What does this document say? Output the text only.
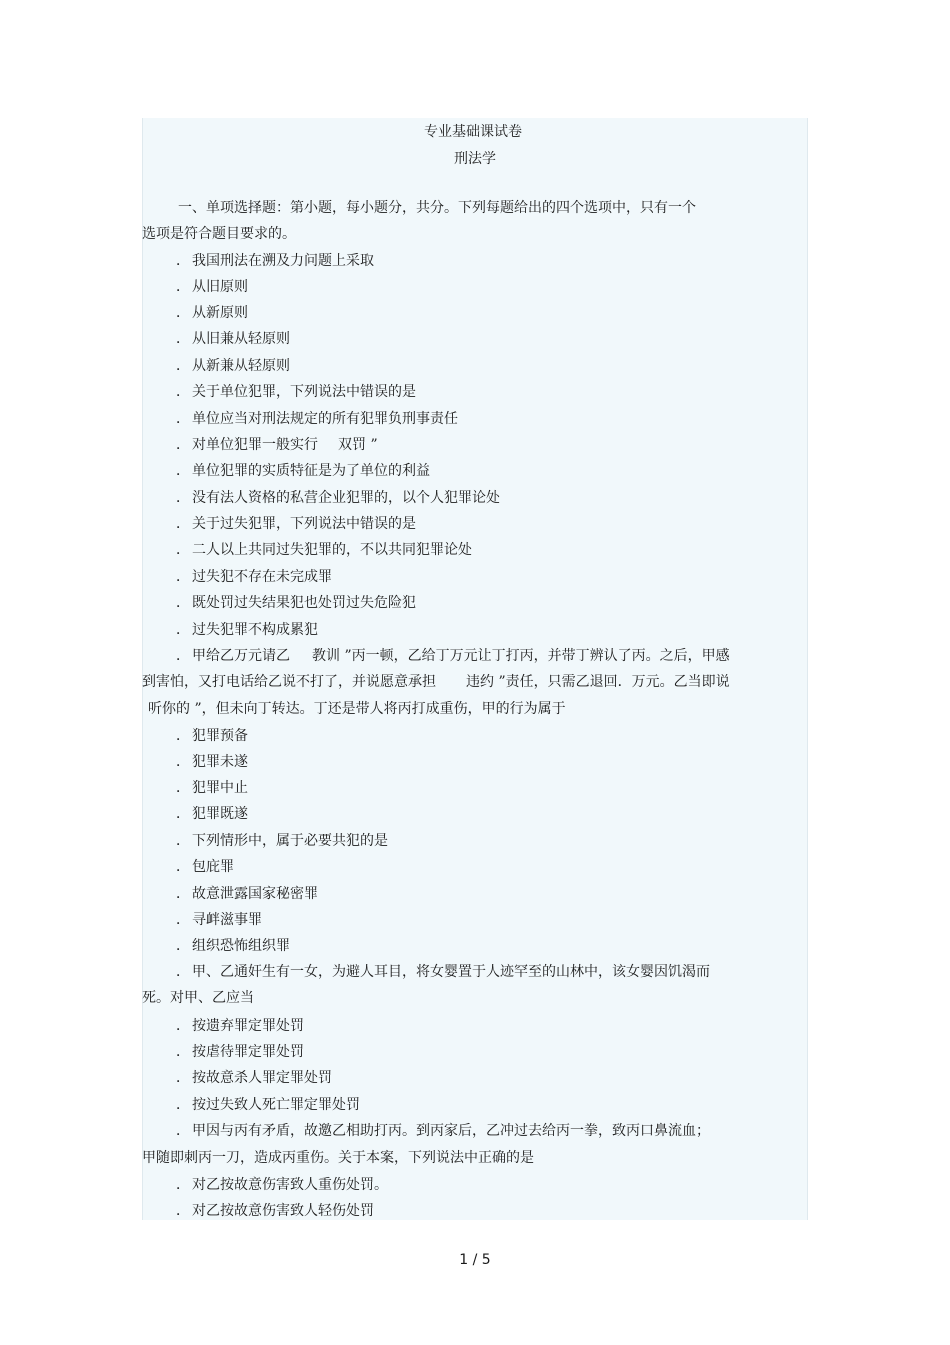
专业基础课试卷
刑法学
一、单项选择题：第小题，每小题分，共分。下列每题给出的四个选项中，只有一个
选项是符合题目要求的。
． 我国刑法在溯及力问题上采取
． 从旧原则
． 从新原则
． 从旧兼从轻原则
． 从新兼从轻原则
． 关于单位犯罪，下列说法中错误的是
． 单位应当对刑法规定的所有犯罪负刑事责任
． 对单位犯罪一般实行 双罚 ”
． 单位犯罪的实质特征是为了单位的利益
． 没有法人资格的私营企业犯罪的，以个人犯罪论处
． 关于过失犯罪，下列说法中错误的是
． 二人以上共同过失犯罪的，不以共同犯罪论处
． 过失犯不存在未完成罪
． 既处罚过失结果犯也处罚过失危险犯
． 过失犯罪不构成累犯
． 甲给乙万元请乙 教训 ”丙一顿，乙给丁万元让丁打丙，并带丁辨认了丙。之后，甲感
． 犯罪预备
． 犯罪未遂
． 犯罪中止
． 犯罪既遂
． 下列情形中，属于必要共犯的是
． 包庇罪
． 故意泄露国家秘密罪
． 寻衅滋事罪
． 组织恐怖组织罪
． 甲、乙通奸生有一女，为避人耳目，将女婴置于人迹罕至的山林中，该女婴因饥渴而
． 按遗弃罪定罪处罚
． 按虐待罪定罪处罚
． 按故意杀人罪定罪处罚
． 按过失致人死亡罪定罪处罚
． 甲因与丙有矛盾，故邀乙相助打丙。到丙家后，乙冲过去给丙一拳，致丙口鼻流血；
． 对乙按故意伤害致人重伤处罚。
． 对乙按故意伤害致人轻伤处罚
到害怕，又打电话给乙说不打了，并说愿意承担 违约 ”责任，只需乙退回．万元。乙当即说
听你的 ”，但未向丁转达。丁还是带人将丙打成重伤，甲的行为属于
死。对甲、乙应当
甲随即刺丙一刀，造成丙重伤。关于本案，下列说法中正确的是
1 / 5
